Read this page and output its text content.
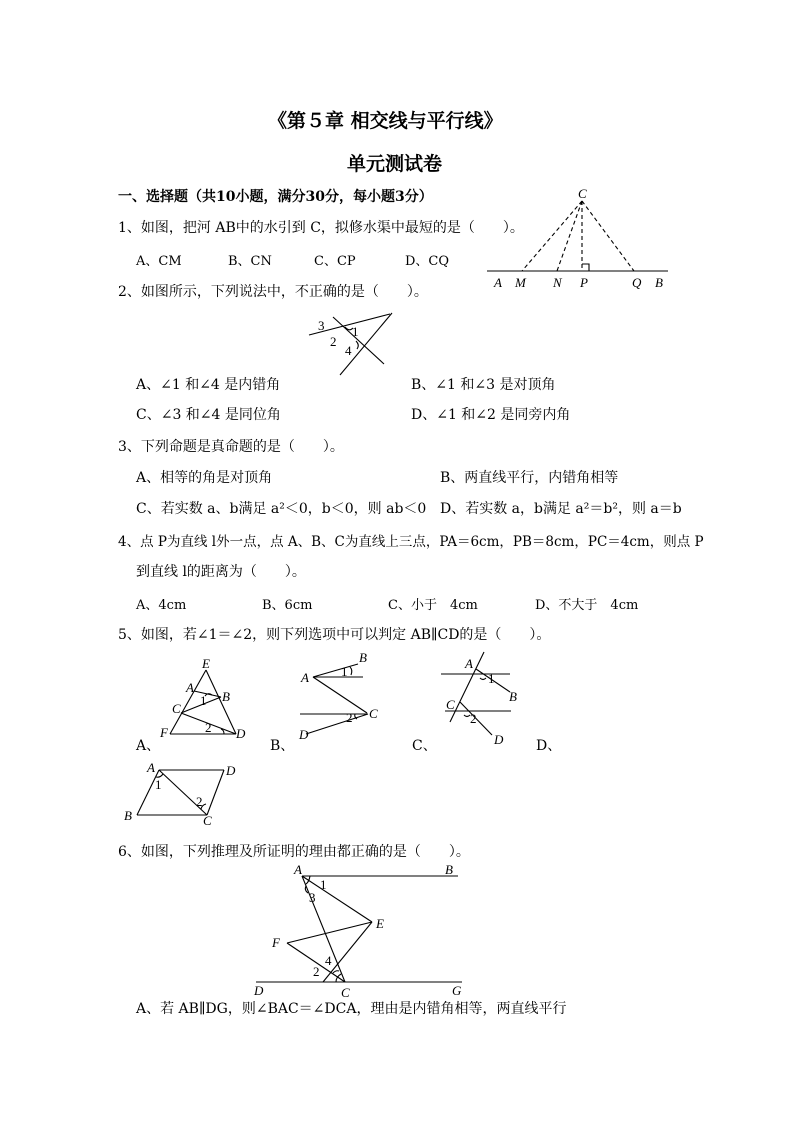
《第５章 相交线与平行线》
单元测试卷
一、选择题（共10小题，满分30分，每小题3分）
1、如图，把河 AB中的水引到 C，拟修水渠中最短的是（　　）。
A、CM	B、CN	C、CP	D、CQ
C
A M N P	Q B
2、如图所示，下列说法中，不正确的是（　　）。
3 1
2
4
A、∠1 和∠4 是内错角	B、∠1 和∠3 是对顶角
C、∠3 和∠4 是同位角	D、∠1 和∠2 是同旁内角
3、下列命题是真命题的是（　　）。
A、相等的角是对顶角	B、两直线平行，内错角相等
C、若实数 a、b满足 a²＜0，b＜0，则 ab＜0 D、若实数 a，b满足 a²＝b²，则 a＝b
4、点 P为直线 l外一点，点 A、B、C为直线上三点，PA＝6cm，PB＝8cm，PC＝4cm，则点 P
到直线 l的距离为（　　）。
A、4cm	B、6cm	C、小于　4cm	D、不大于　4cm
5、如图，若∠1＝∠2，则下列选项中可以判定 AB∥CD的是（　　）。
A、	B、	C、	D、
E
A
B
C
1
F	2 D
B
A 1
2 C
D
A
1
B
C
2
D
A	D
1
2
B	C
6、如图，下列推理及所证明的理由都正确的是（　　）。
A	B
1
3
E
F
4
2
D	C	G
A、若 AB∥DG，则∠BAC＝∠DCA，理由是内错角相等，两直线平行
